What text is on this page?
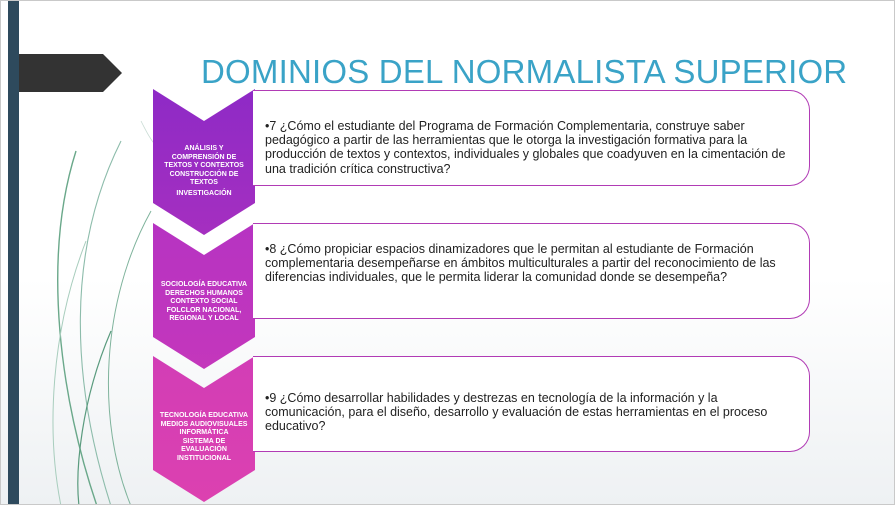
DOMINIOS DEL NORMALISTA SUPERIOR
ANÁLISIS Y COMPRENSIÓN DE TEXTOS Y CONTEXTOS
CONSTRUCCIÓN DE TEXTOS
INVESTIGACIÓN
•7 ¿Cómo el estudiante del Programa de Formación Complementaria, construye saber pedagógico a partir de las herramientas que le otorga la investigación formativa para la producción de textos y contextos, individuales y globales que coadyuven en la cimentación de una tradición crítica constructiva?
SOCIOLOGÍA EDUCATIVA
DERECHOS HUMANOS
CONTEXTO SOCIAL
FOLCLOR NACIONAL, REGIONAL Y LOCAL
•8 ¿Cómo propiciar espacios dinamizadores que le permitan al estudiante de Formación complementaria desempeñarse en ámbitos multiculturales a partir del reconocimiento de las diferencias individuales, que le permita liderar la comunidad donde se desempeña?
TECNOLOGÍA EDUCATIVA
MEDIOS AUDIOVISUALES
INFORMÁTICA
SISTEMA DE EVALUACIÓN INSTITUCIONAL
•9 ¿Cómo desarrollar habilidades y destrezas en tecnología de la información y la comunicación, para el diseño, desarrollo y evaluación de estas herramientas en el proceso educativo?
